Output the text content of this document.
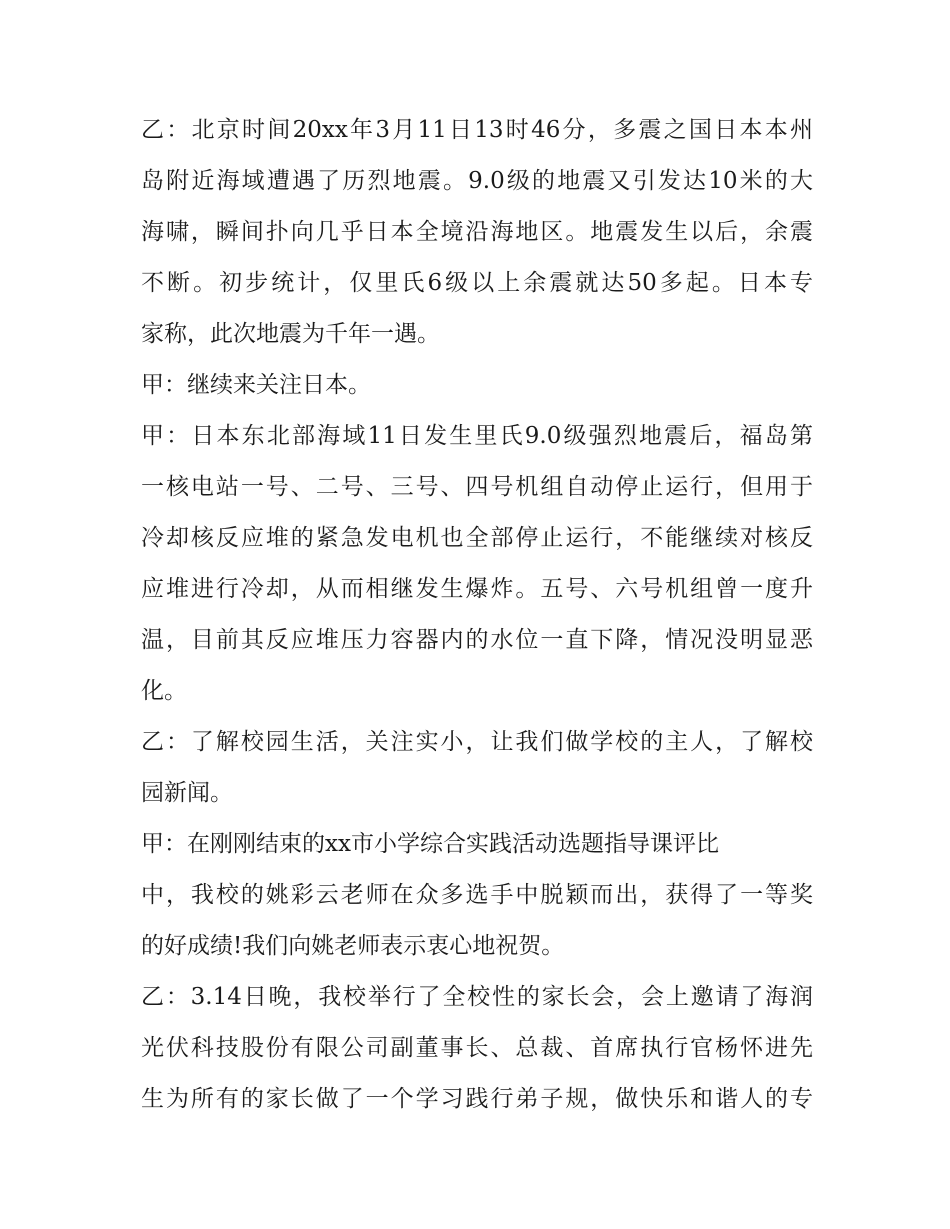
乙：北京时间20xx年3月11日13时46分，多震之国日本本州
岛附近海域遭遇了历烈地震。9.0级的地震又引发达10米的大
海啸，瞬间扑向几乎日本全境沿海地区。地震发生以后，余震
不断。初步统计，仅里氏6级以上余震就达50多起。日本专
家称，此次地震为千年一遇。
甲：继续来关注日本。
甲：日本东北部海域11日发生里氏9.0级强烈地震后，福岛第
一核电站一号、二号、三号、四号机组自动停止运行，但用于
冷却核反应堆的紧急发电机也全部停止运行，不能继续对核反
应堆进行冷却，从而相继发生爆炸。五号、六号机组曾一度升
温，目前其反应堆压力容器内的水位一直下降，情况没明显恶
化。
乙：了解校园生活，关注实小，让我们做学校的主人，了解校
园新闻。
甲：在刚刚结束的xx市小学综合实践活动选题指导课评比
中，我校的姚彩云老师在众多选手中脱颖而出，获得了一等奖
的好成绩!我们向姚老师表示衷心地祝贺。
乙：3.14日晚，我校举行了全校性的家长会，会上邀请了海润
光伏科技股份有限公司副董事长、总裁、首席执行官杨怀进先
生为所有的家长做了一个学习践行弟子规，做快乐和谐人的专
